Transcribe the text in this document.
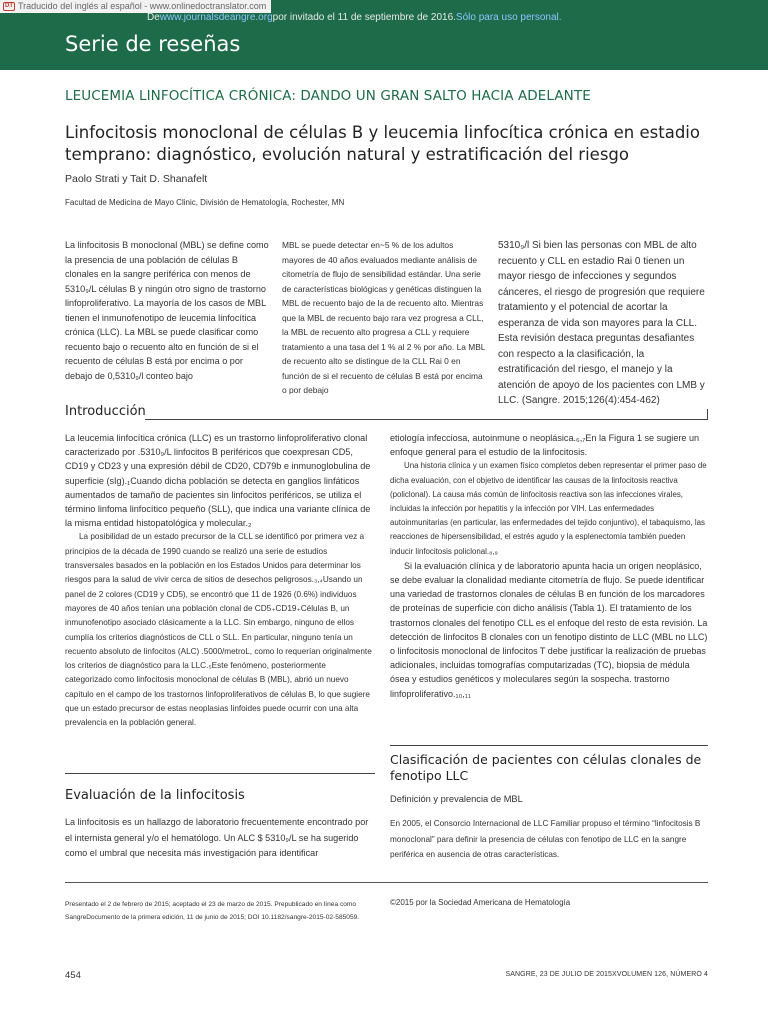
DT Traducido del inglés al español - www.onlinedoctranslator.com
Dewww.journalsdeangre.orgpor invitado el 11 de septiembre de 2016.Sólo para uso personal.
Serie de reseñas
LEUCEMIA LINFOCÍTICA CRÓNICA: DANDO UN GRAN SALTO HACIA ADELANTE
Linfocitosis monoclonal de células B y leucemia linfocítica crónica en estadio temprano: diagnóstico, evolución natural y estratificación del riesgo
Paolo Strati y Tait D. Shanafelt
Facultad de Medicina de Mayo Clinic, División de Hematología, Rochester, MN
La linfocitosis B monoclonal (MBL) se define como la presencia de una población de células B clonales en la sangre periférica con menos de 5310₉/L células B y ningún otro signo de trastorno linfoproliferativo. La mayoría de los casos de MBL tienen el inmunofenotipo de leucemia linfocítica crónica (LLC). La MBL se puede clasificar como recuento bajo o recuento alto en función de si el recuento de células B está por encima o por debajo de 0,5310₉/l conteo bajo
MBL se puede detectar en~5 % de los adultos mayores de 40 años evaluados mediante análisis de citometría de flujo de sensibilidad estándar. Una serie de características biológicas y genéticas distinguen la MBL de recuento bajo de la de recuento alto. Mientras que la MBL de recuento bajo rara vez progresa a CLL, la MBL de recuento alto progresa a CLL y requiere tratamiento a una tasa del 1 % al 2 % por año. La MBL de recuento alto se distingue de la CLL Rai 0 en función de si el recuento de células B está por encima o por debajo
5310₉/l Si bien las personas con MBL de alto recuento y CLL en estadio Rai 0 tienen un mayor riesgo de infecciones y segundos cánceres, el riesgo de progresión que requiere tratamiento y el potencial de acortar la esperanza de vida son mayores para la CLL. Esta revisión destaca preguntas desafiantes con respecto a la clasificación, la estratificación del riesgo, el manejo y la atención de apoyo de los pacientes con LMB y LLC. (Sangre. 2015;126(4):454-462)
Introducción

La leucemia linfocítica crónica (LLC) es un trastorno linfoproliferativo clonal caracterizado por .5310₉/L linfocitos B periféricos que coexpresan CD5, CD19 y CD23 y una expresión débil de CD20, CD79b e inmunoglobulina de superficie (sIg).₁Cuando dicha población se detecta en ganglios linfáticos aumentados de tamaño de pacientes sin linfocitos periféricos, se utiliza el término linfoma linfocítico pequeño (SLL), que indica una variante clínica de la misma entidad histopatológica y molecular.₂

La posibilidad de un estado precursor de la CLL se identificó por primera vez a principios de la década de 1990 cuando se realizó una serie de estudios transversales basados en la población en los Estados Unidos para determinar los riesgos para la salud de vivir cerca de sitios de desechos peligrosos.₃,₄Usando un panel de 2 colores (CD19 y CD5), se encontró que 11 de 1926 (0.6%) individuos mayores de 40 años tenían una población clonal de CD5₊CD19₊Células B, un inmunofenotipo asociado clásicamente a la LLC. Sin embargo, ninguno de ellos cumplía los criterios diagnósticos de CLL o SLL. En particular, ninguno tenía un recuento absoluto de linfocitos (ALC) .5000/metroL, como lo requerían originalmente los criterios de diagnóstico para la LLC.₅Este fenómeno, posteriormente categorizado como linfocitosis monoclonal de células B (MBL), abrió un nuevo capítulo en el campo de los trastornos linfoproliferativos de células B, lo que sugiere que un estado precursor de estas neoplasias linfoides puede ocurrir con una alta prevalencia en la población general.

etiología infecciosa, autoinmune o neoplásica.₆,₇En la Figura 1 se sugiere un enfoque general para el estudio de la linfocitosis.

Una historia clínica y un examen físico completos deben representar el primer paso de dicha evaluación, con el objetivo de identificar las causas de la linfocitosis reactiva (policlonal). La causa más común de linfocitosis reactiva son las infecciones virales, incluidas la infección por hepatitis y la infección por VIH. Las enfermedades autoinmunitarias (en particular, las enfermedades del tejido conjuntivo), el tabaquismo, las reacciones de hipersensibilidad, el estrés agudo y la esplenectomía también pueden inducir linfocitosis policlonal.₈,₉

Si la evaluación clínica y de laboratorio apunta hacia un origen neoplásico, se debe evaluar la clonalidad mediante citometría de flujo. Se puede identificar una variedad de trastornos clonales de células B en función de los marcadores de proteínas de superficie con dicho análisis (Tabla 1). El tratamiento de los trastornos clonales del fenotipo CLL es el enfoque del resto de esta revisión. La detección de linfocitos B clonales con un fenotipo distinto de LLC (MBL no LLC) o linfocitosis monoclonal de linfocitos T debe justificar la realización de pruebas adicionales, incluidas tomografías computarizadas (TC), biopsia de médula ósea y estudios genéticos y moleculares según la sospecha. trastorno linfoproliferativo.₁₀,₁₁

Evaluación de la linfocitosis
La linfocitosis es un hallazgo de laboratorio frecuentemente encontrado por el internista general y/o el hematólogo. Un ALC $ 5310₉/L se ha sugerido como el umbral que necesita más investigación para identificar
Clasificación de pacientes con células clonales de fenotipo LLC
Definición y prevalencia de MBL
En 2005, el Consorcio Internacional de LLC Familiar propuso el término “linfocitosis B monoclonal” para definir la presencia de células con fenotipo de LLC en la sangre periférica en ausencia de otras características.
Presentado el 2 de febrero de 2015; aceptado el 23 de marzo de 2015. Prepublicado en línea como SangreDocumento de la primera edición, 11 de junio de 2015; DOI 10.1182/sangre-2015-02-585059.
©2015 por la Sociedad Americana de Hematología
454	SANGRE, 23 DE JULIO DE 2015XVOLUMEN 126, NÚMERO 4
